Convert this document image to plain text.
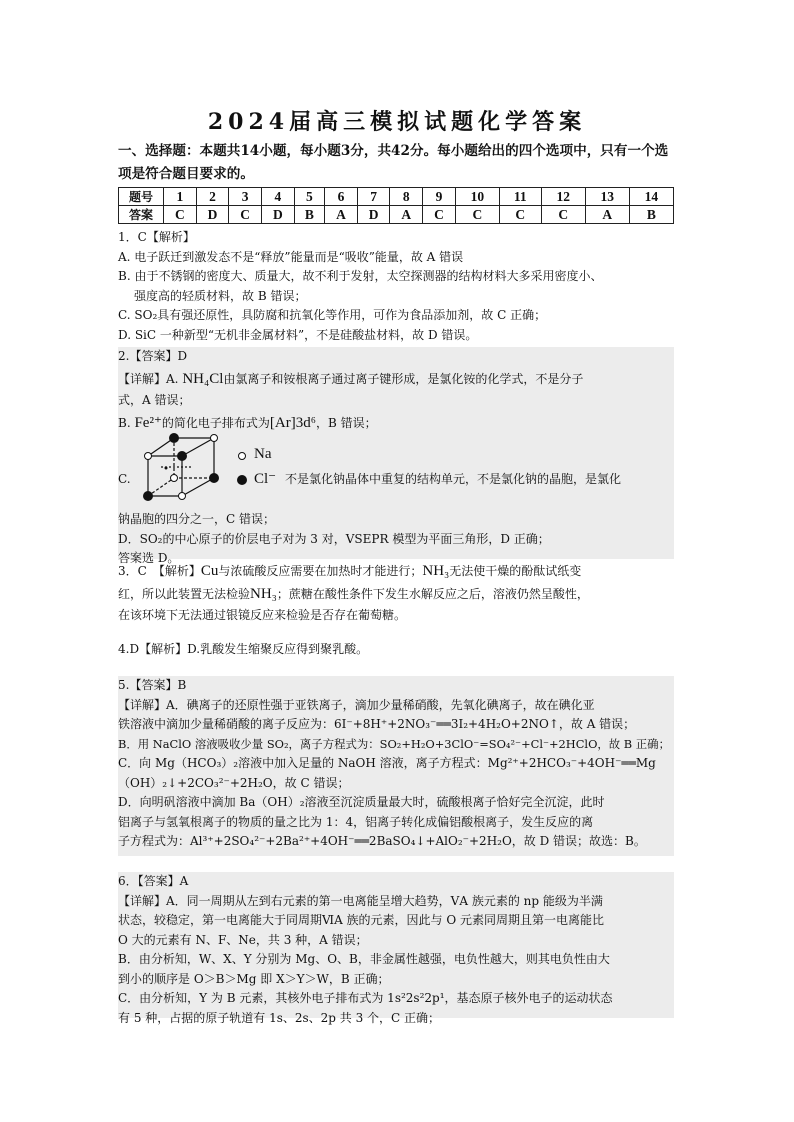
2024届高三模拟试题化学答案
一、选择题：本题共14小题，每小题3分，共42分。每小题给出的四个选项中，只有一个选项是符合题目要求的。
题号	1	2	3	4	5	6	7	8	9	10	11	12	13	14
答案	C	D	C	D	B	A	D	A	C	C	C	C	A	B

1．C【解析】

A. 电子跃迁到激发态不是“释放”能量而是“吸收”能量，故 A 错误

B. 由于不锈钢的密度大、质量大，故不利于发射，太空探测器的结构材料大多采用密度小、

强度高的轻质材料，故 B 错误；

C. SO₂具有强还原性，具防腐和抗氧化等作用，可作为食品添加剂，故 C 正确；

D. SiC 一种新型“无机非金属材料”，不是硅酸盐材料，故 D 错误。

2.【答案】D

【详解】A. NH₄Cl由氯离子和铵根离子通过离子键形成，是氯化铵的化学式，不是分子

式，A 错误；

B. Fe²⁺的简化电子排布式为[Ar]3d⁶，B 错误；

C.	不是氯化钠晶体中重复的结构单元，不是氯化钠的晶胞，是氯化

钠晶胞的四分之一，C 错误；

D．SO₂的中心原子的价层电子对为 3 对，VSEPR 模型为平面三角形，D 正确；

答案选 D。

Na
Cl⁻

3．C　【解析】Cu与浓硫酸反应需要在加热时才能进行；NH₃无法使干燥的酚酞试纸变

红，所以此装置无法检验NH₃；蔗糖在酸性条件下发生水解反应之后，溶液仍然呈酸性，

在该环境下无法通过银镜反应来检验是否存在葡萄糖。

4.D【解析】D.乳酸发生缩聚反应得到聚乳酸。

5.【答案】B

【详解】A．碘离子的还原性强于亚铁离子，滴加少量稀硝酸，先氧化碘离子，故在碘化亚

铁溶液中滴加少量稀硝酸的离子反应为：6I⁻+8H⁺+2NO₃⁻══3I₂+4H₂O+2NO↑，故 A 错误；

B．用 NaClO 溶液吸收少量 SO₂，离子方程式为：SO₂+H₂O+3ClO⁻=SO₄²⁻+Cl⁻+2HClO，故 B 正确；

C．向 Mg（HCO₃）₂溶液中加入足量的 NaOH 溶液，离子方程式：Mg²⁺+2HCO₃⁻+4OH⁻══Mg

（OH）₂↓+2CO₃²⁻+2H₂O，故 C 错误；

D．向明矾溶液中滴加 Ba（OH）₂溶液至沉淀质量最大时，硫酸根离子恰好完全沉淀，此时

铝离子与氢氧根离子的物质的量之比为 1：4，铝离子转化成偏铝酸根离子，发生反应的离

子方程式为：Al³⁺+2SO₄²⁻+2Ba²⁺+4OH⁻══2BaSO₄↓+AlO₂⁻+2H₂O，故 D 错误；故选：B。

6．【答案】A

【详解】A．同一周期从左到右元素的第一电离能呈增大趋势，ⅤA 族元素的 np 能级为半满

状态，较稳定，第一电离能大于同周期ⅥA 族的元素，因此与 O 元素同周期且第一电离能比

O 大的元素有 N、F、Ne，共 3 种，A 错误；

B．由分析知，W、X、Y 分别为 Mg、O、B，非金属性越强，电负性越大，则其电负性由大

到小的顺序是 O＞B＞Mg 即 X＞Y＞W，B 正确；

C．由分析知，Y 为 B 元素，其核外电子排布式为 1s²2s²2p¹，基态原子核外电子的运动状态

有 5 种，占据的原子轨道有 1s、2s、2p 共 3 个，C 正确；
